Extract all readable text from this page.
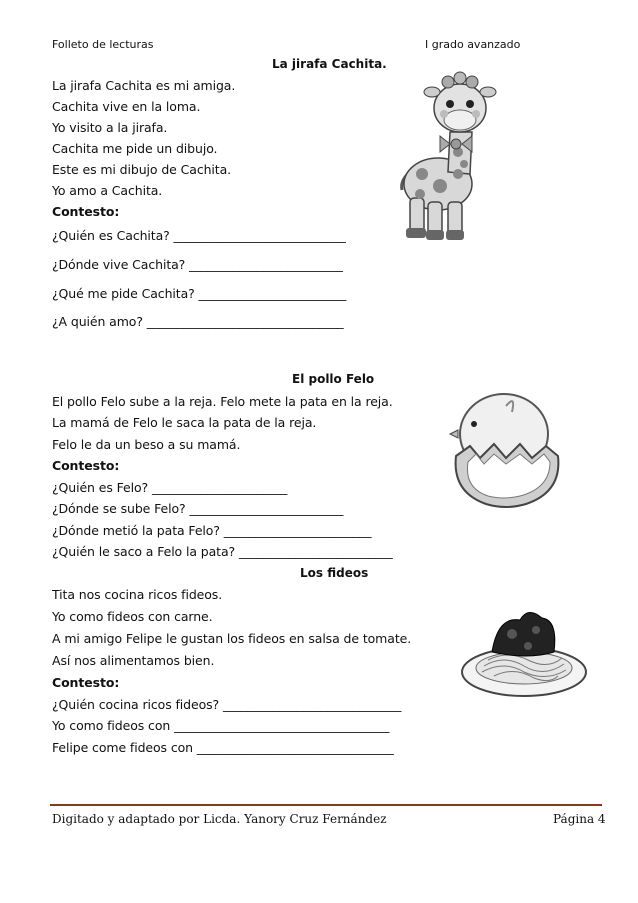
Folleto de lecturas	I grado avanzado
La jirafa Cachita.
La jirafa Cachita es mi amiga.
Cachita vive en la loma.
Yo visito a la jirafa.
Cachita me pide un dibujo.
Este es mi dibujo de Cachita.
Yo amo a Cachita.
Contesto:
¿Quién es Cachita? ____________________________
¿Dónde vive Cachita? _________________________
¿Qué me pide Cachita? ________________________
¿A quién amo? ________________________________
El pollo Felo
El pollo Felo sube a la reja. Felo mete la pata en la reja.
La mamá de Felo le saca la pata de la reja.
Felo le da un beso a su mamá.
Contesto:
¿Quién es Felo? ______________________
¿Dónde se sube Felo? _________________________
¿Dónde metió la pata Felo? ________________________
¿Quién le saco a Felo la pata? _________________________
Los fideos
Tita nos cocina ricos fideos.
Yo como fideos con carne.
A mi amigo Felipe le gustan los fideos en salsa de tomate.
Así nos alimentamos bien.
Contesto:
¿Quién cocina ricos fideos? _____________________________
Yo como fideos con ___________________________________
Felipe come fideos con ________________________________
Digitado y adaptado por Licda. Yanory Cruz Fernández	Página 4
